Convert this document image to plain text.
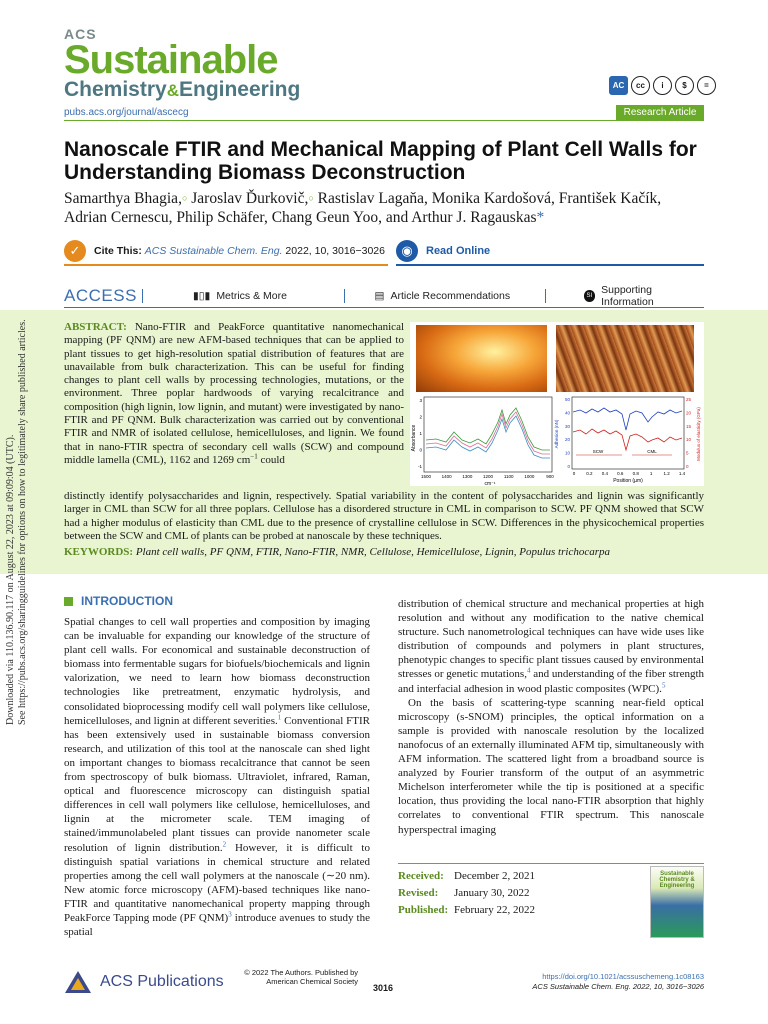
ACS
Sustainable
Chemistry&Engineering	AC	cc	i	$	=
pubs.acs.org/journal/ascecg	Research Article
Nanoscale FTIR and Mechanical Mapping of Plant Cell Walls for Understanding Biomass Deconstruction
Samarthya Bhagia,○ Jaroslav Ďurkovič,○ Rastislav Lagaňa, Monika Kardošová, František Kačík,
Adrian Cernescu, Philip Schäfer, Chang Geun Yoo, and Arthur J. Ragauskas*
✓	Cite This: ACS Sustainable Chem. Eng. 2022, 10, 3016−3026	◉	Read Online
ACCESS	▮▯▮ Metrics & More	▤ Article Recommendations	SI Supporting Information
ABSTRACT: Nano-FTIR and PeakForce quantitative nanomechanical mapping (PF QNM) are new AFM-based techniques that can be applied to plant tissues to get high-resolution spatial distribution of features that are unavailable from bulk characterization. This can be useful for finding changes to plant cell walls by processing technologies, mutations, or the environment. Three poplar hardwoods of varying recalcitrance and composition (high lignin, low lignin, and mutant) were investigated by nano-FTIR and PF QNM. Bulk characterization was carried out by conventional FTIR and NMR of isolated cellulose, hemicelluloses, and lignin. We found that in nano-FTIR spectra of secondary cell walls (SCW) and compound middle lamella (CML), 1162 and 1269 $cm^{-1}$ could
distinctly identify polysaccharides and lignin, respectively. Spatial variability in the content of polysaccharides and lignin was significantly larger in CML than SCW for all three poplars. Cellulose has a disordered structure in CML in comparison to SCW. PF QNM showed that SCW had a higher modulus of elasticity than CML due to the presence of crystalline cellulose in SCW. Differences in the physicochemical properties between the SCW and CML of plants can be probed at nanoscale by these techniques.
KEYWORDS: Plant cell walls, PF QNM, FTIR, Nano-FTIR, NMR, Cellulose, Hemicellulose, Lignin, Populus trichocarpa
Absorbance
3
2
1
0
-1
1500 1400 1300 1200 1100 1000	900
cm⁻¹
Adhesion (nN)	Modulus of elasticity (GPa)
50
40
30
20
10
0
25
20
15
10
5
0
0 0.2 0.4 0.6 0.8 1 1.2 1.4
Position (µm)
SCW	CML
Downloaded via 110.136.90.117 on August 22, 2023 at 09:09:04 (UTC). See https://pubs.acs.org/sharingguidelines for options on how to legitimately share published articles.	INTRODUCTION
Spatial changes to cell wall properties and composition by imaging can be invaluable for expanding our knowledge of the structure of plant cell walls. For economical and sustainable deconstruction of biomass into fermentable sugars for biofuels/biochemicals and lignin valorization, we need to learn how biomass deconstruction technologies like pretreatment, enzymatic hydrolysis, and consolidated bioprocessing modify cell wall polymers like cellulose, hemicelluloses, and lignin at different severities.$^1$ Conventional FTIR has been extensively used in sustainable biomass conversion research, and utilization of this tool at the nanoscale can shed light on important changes to biomass recalcitrance that cannot be seen from spectroscopy of bulk biomass. Ultraviolet, infrared, Raman, optical and fluorescence microscopy can distinguish spatial differences in cell wall polymers like cellulose, hemicelluloses, and lignin at the micrometer scale. TEM imaging of stained/immunolabeled plant tissues can provide nanometer scale resolution of lignin distribution.$^2$ However, it is difficult to distinguish spatial variations in chemical structure and related properties among the cell wall polymers at the nanoscale (∼20 nm). New atomic force microscopy (AFM)-based techniques like nano-FTIR and quantitative nanomechanical property mapping through PeakForce Tapping mode (PF QNM)$^3$ introduce avenues to study the spatial
distribution of chemical structure and mechanical properties at high resolution and without any modification to the native chemical structure. Such nanometrological techniques can have wide uses like distribution of compounds and polymers in plant structures, phenotypic changes to specific plant tissues caused by environmental stresses or genetic mutations,$^4$ and understanding of the fiber strength and interfacial adhesion in wood plastic composites (WPC).$^5$
On the basis of scattering-type scanning near-field optical microscopy (s-SNOM) principles, the optical information on a sample is provided with nanoscale resolution by the localized nanofocus of an externally illuminated AFM tip, simultaneously with AFM information. The scattered light from a broadband source is analyzed by Fourier transform of the output of an asymmetric Michelson interferometer while the tip is positioned at a specific location, thus providing the local nano-FTIR absorption that highly correlates to conventional FTIR spectrum. This nanoscale hyperspectral imaging
Received: December 2, 2021
Revised:	January 30, 2022
Published: February 22, 2022
Sustainable Chemistry & Engineering
ACS Publications
© 2022 The Authors. Published by American Chemical Society
3016
https://doi.org/10.1021/acssuschemeng.1c08163
ACS Sustainable Chem. Eng. 2022, 10, 3016−3026
